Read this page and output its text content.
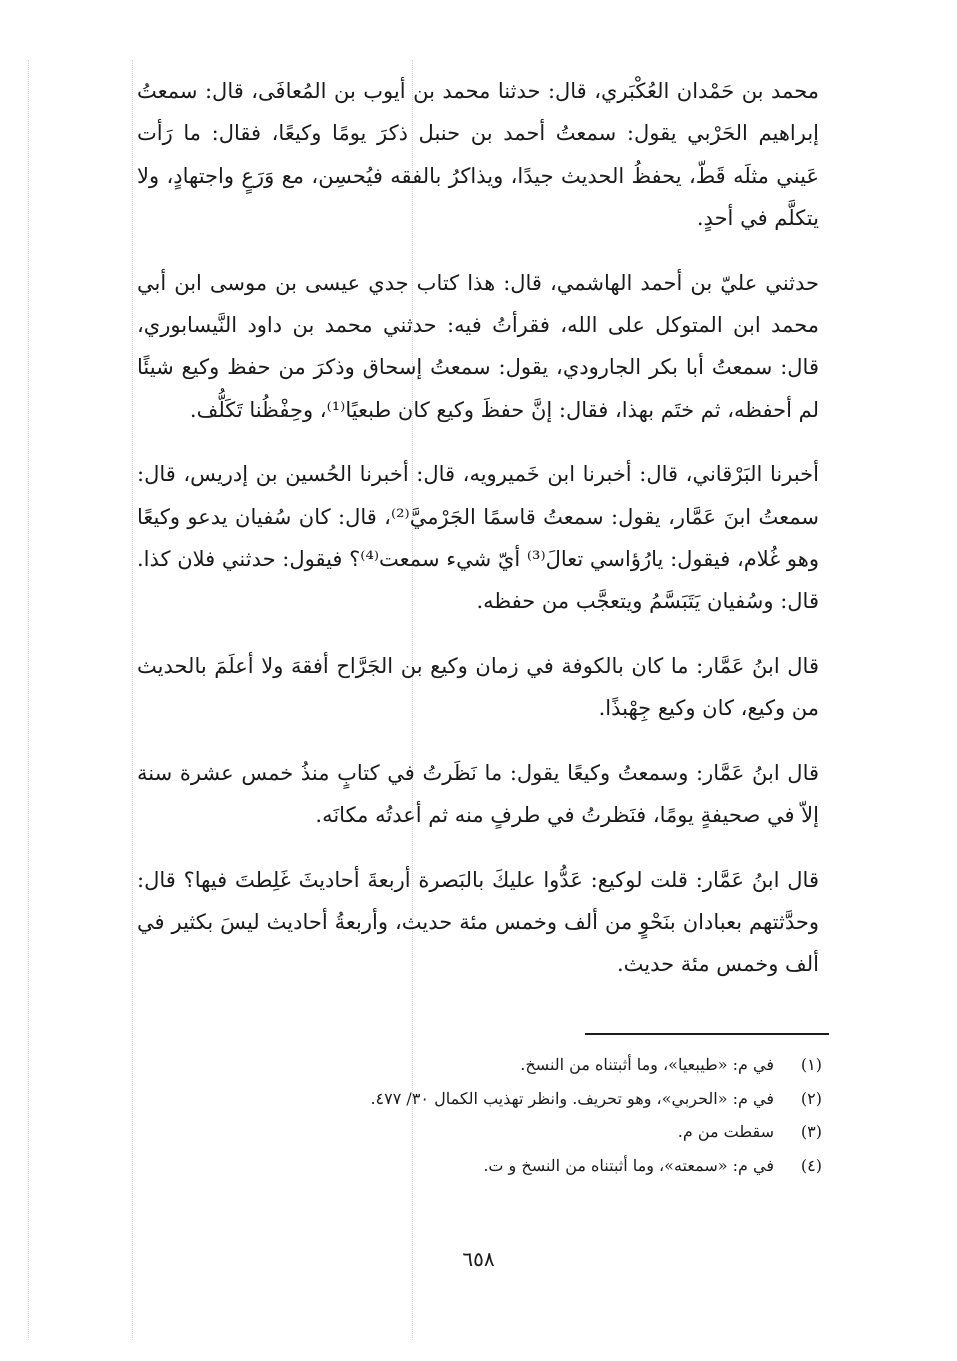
محمد بن حَمْدان العُكْبَري، قال: حدثنا محمد بن أيوب بن المُعافَى، قال: سمعتُ إبراهيم الحَرْبي يقول: سمعتُ أحمد بن حنبل ذكرَ يومًا وكيعًا، فقال: ما رَأت عَيني مثلَه قَطّ، يحفظُ الحديث جيدًا، ويذاكرُ بالفقه فيُحسِن، مع وَرَعٍ واجتهادٍ، ولا يتكلَّم في أحدٍ.

حدثني عليّ بن أحمد الهاشمي، قال: هذا كتاب جدي عيسى بن موسى ابن أبي محمد ابن المتوكل على الله، فقرأتُ فيه: حدثني محمد بن داود النَّيسابوري، قال: سمعتُ أبا بكر الجارودي، يقول: سمعتُ إسحاق وذكرَ من حفظ وكيع شيئًا لم أحفظه، ثم ختَم بهذا، فقال: إنَّ حفظَ وكيع كان طبعيًا⁽¹⁾، وحِفْظُنا تَكَلُّف.

أخبرنا البَرْقاني، قال: أخبرنا ابن خَميرويه، قال: أخبرنا الحُسين بن إدريس، قال: سمعتُ ابنَ عَمَّار، يقول: سمعتُ قاسمًا الجَرْميَّ⁽²⁾، قال: كان سُفيان يدعو وكيعًا وهو غُلام، فيقول: يارُؤاسي تعالَ⁽³⁾ أيّ شيء سمعت⁽⁴⁾؟ فيقول: حدثني فلان كذا. قال: وسُفيان يَتَبَسَّمُ ويتعجَّب من حفظه.

قال ابنُ عَمَّار: ما كان بالكوفة في زمان وكيع بن الجَرَّاح أفقهَ ولا أعلَمَ بالحديث من وكيع، كان وكيع جِهْبذًا.

قال ابنُ عَمَّار: وسمعتُ وكيعًا يقول: ما نَظَرتُ في كتابٍ منذُ خمس عشرة سنة إلاّ في صحيفةٍ يومًا، فنَظرتُ في طرفٍ منه ثم أعدتُه مكانَه.

قال ابنُ عَمَّار: قلت لوكيع: عَدُّوا عليكَ بالبَصرة أربعةَ أحاديثَ غَلِطتَ فيها؟ قال: وحدَّثتهم بعبادان بنَحْوٍ من ألف وخمس مئة حديث، وأربعةُ أحاديث ليسَ بكثير في ألف وخمس مئة حديث.

(١)
في م: «طيبعيا»، وما أثبتناه من النسخ.
(٢)
في م: «الحربي»، وهو تحريف. وانظر تهذيب الكمال ٣٠/ ٤٧٧.
(٣)
سقطت من م.
(٤)
في م: «سمعته»، وما أثبتناه من النسخ و ت.
٦٥٨
